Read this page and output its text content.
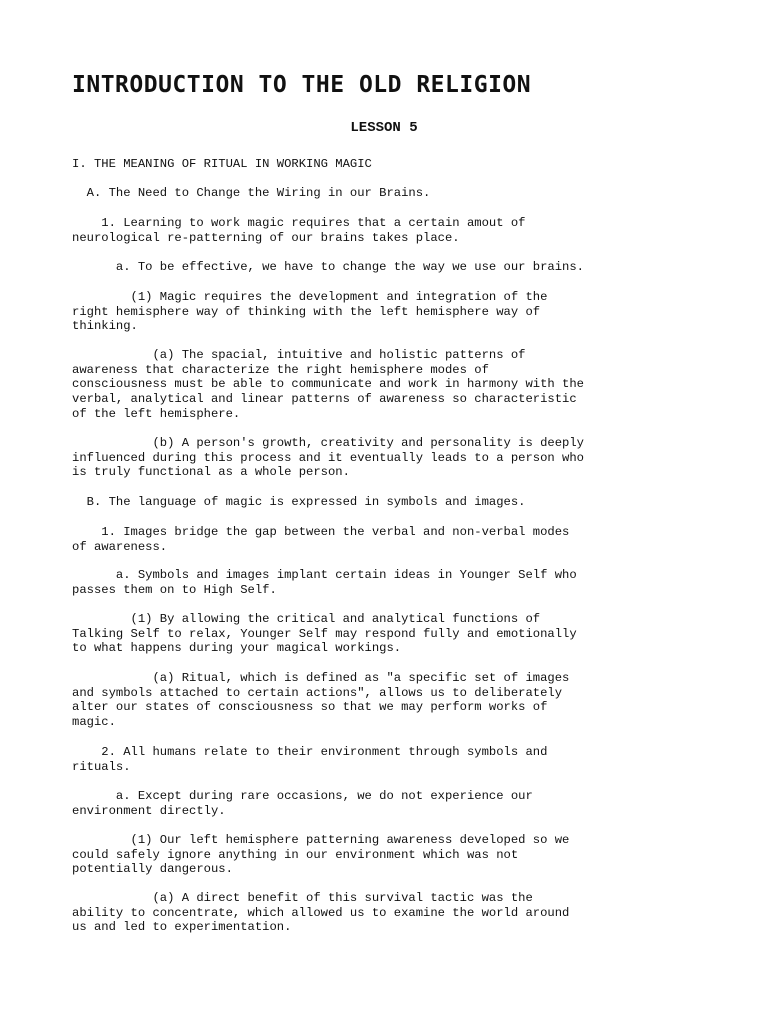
INTRODUCTION TO THE OLD RELIGION
LESSON 5

I. THE MEANING OF RITUAL IN WORKING MAGIC

A. The Need to Change the Wiring in our Brains.

1. Learning to work magic requires that a certain amout of
neurological re-patterning of our brains takes place.

a. To be effective, we have to change the way we use our brains.

(1) Magic requires the development and integration of the
right hemisphere way of thinking with the left hemisphere way of
thinking.

(a) The spacial, intuitive and holistic patterns of
awareness that characterize the right hemisphere modes of
consciousness must be able to communicate and work in harmony with the
verbal, analytical and linear patterns of awareness so characteristic
of the left hemisphere.

(b) A person's growth, creativity and personality is deeply
influenced during this process and it eventually leads to a person who
is truly functional as a whole person.

B. The language of magic is expressed in symbols and images.

1. Images bridge the gap between the verbal and non-verbal modes
of awareness.

a. Symbols and images implant certain ideas in Younger Self who
passes them on to High Self.

(1) By allowing the critical and analytical functions of
Talking Self to relax, Younger Self may respond fully and emotionally
to what happens during your magical workings.

(a) Ritual, which is defined as "a specific set of images
and symbols attached to certain actions", allows us to deliberately
alter our states of consciousness so that we may perform works of
magic.

2. All humans relate to their environment through symbols and
rituals.

a. Except during rare occasions, we do not experience our
environment directly.

(1) Our left hemisphere patterning awareness developed so we
could safely ignore anything in our environment which was not
potentially dangerous.

(a) A direct benefit of this survival tactic was the
ability to concentrate, which allowed us to examine the world around
us and led to experimentation.
